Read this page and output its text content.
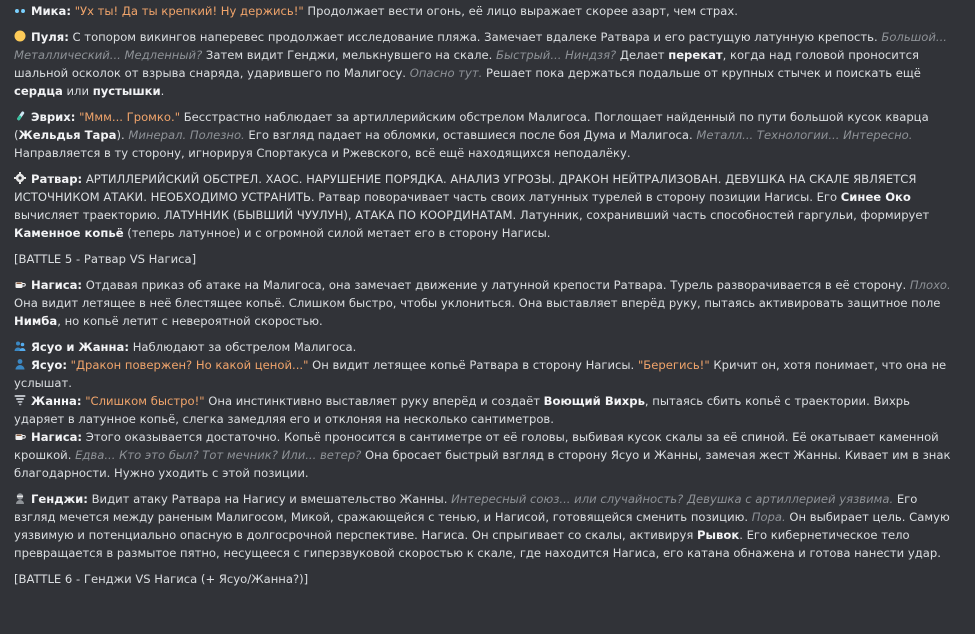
Мика: "Ух ты! Да ты крепкий! Ну держись!" Продолжает вести огонь, её лицо выражает скорее азарт, чем страх.

Пуля: С топором викингов наперевес продолжает исследование пляжа. Замечает вдалеке Ратвара и его растущую латунную крепость. Большой... Металлический... Медленный? Затем видит Генджи, мелькнувшего на скале. Быстрый... Ниндзя? Делает перекат, когда над головой проносится шальной осколок от взрыва снаряда, ударившего по Малигосу. Опасно тут. Решает пока держаться подальше от крупных стычек и поискать ещё сердца или пустышки.

Эврих: "Ммм... Громко." Бесстрастно наблюдает за артиллерийским обстрелом Малигоса. Поглощает найденный по пути большой кусок кварца (Жельдья Тара). Минерал. Полезно. Его взгляд падает на обломки, оставшиеся после боя Дума и Малигоса. Металл... Технологии... Интересно. Направляется в ту сторону, игнорируя Спортакуса и Ржевского, всё ещё находящихся неподалёку.

Ратвар: АРТИЛЛЕРИЙСКИЙ ОБСТРЕЛ. ХАОС. НАРУШЕНИЕ ПОРЯДКА. АНАЛИЗ УГРОЗЫ. ДРАКОН НЕЙТРАЛИЗОВАН. ДЕВУШКА НА СКАЛЕ ЯВЛЯЕТСЯ ИСТОЧНИКОМ АТАКИ. НЕОБХОДИМО УСТРАНИТЬ. Ратвар поворачивает часть своих латунных турелей в сторону позиции Нагисы. Его Синее Око вычисляет траекторию. ЛАТУННИК (БЫВШИЙ ЧУУЛУН), АТАКА ПО КООРДИНАТАМ. Латунник, сохранивший часть способностей гаргульи, формирует Каменное копьё (теперь латунное) и с огромной силой метает его в сторону Нагисы.

[BATTLE 5 - Ратвар VS Нагиса]

Нагиса: Отдавая приказ об атаке на Малигоса, она замечает движение у латунной крепости Ратвара. Турель разворачивается в её сторону. Плохо. Она видит летящее в неё блестящее копьё. Слишком быстро, чтобы уклониться. Она выставляет вперёд руку, пытаясь активировать защитное поле Нимба, но копьё летит с невероятной скоростью.

Ясуо и Жанна: Наблюдают за обстрелом Малигоса.

Ясуо: "Дракон повержен? Но какой ценой..." Он видит летящее копьё Ратвара в сторону Нагисы. "Берегись!" Кричит он, хотя понимает, что она не услышат.

Жанна: "Слишком быстро!" Она инстинктивно выставляет руку вперёд и создаёт Воющий Вихрь, пытаясь сбить копьё с траектории. Вихрь ударяет в латунное копьё, слегка замедляя его и отклоняя на несколько сантиметров.

Нагиса: Этого оказывается достаточно. Копьё проносится в сантиметре от её головы, выбивая кусок скалы за её спиной. Её окатывает каменной крошкой. Едва... Кто это был? Тот мечник? Или... ветер? Она бросает быстрый взгляд в сторону Ясуо и Жанны, замечая жест Жанны. Кивает им в знак благодарности. Нужно уходить с этой позиции.

Генджи: Видит атаку Ратвара на Нагису и вмешательство Жанны. Интересный союз... или случайность? Девушка с артиллерией уязвима. Его взгляд мечется между раненым Малигосом, Микой, сражающейся с тенью, и Нагисой, готовящейся сменить позицию. Пора. Он выбирает цель. Самую уязвимую и потенциально опасную в долгосрочной перспективе. Нагиса. Он спрыгивает со скалы, активируя Рывок. Его кибернетическое тело превращается в размытое пятно, несущееся с гиперзвуковой скоростью к скале, где находится Нагиса, его катана обнажена и готова нанести удар.

[BATTLE 6 - Генджи VS Нагиса (+ Ясуо/Жанна?)]
